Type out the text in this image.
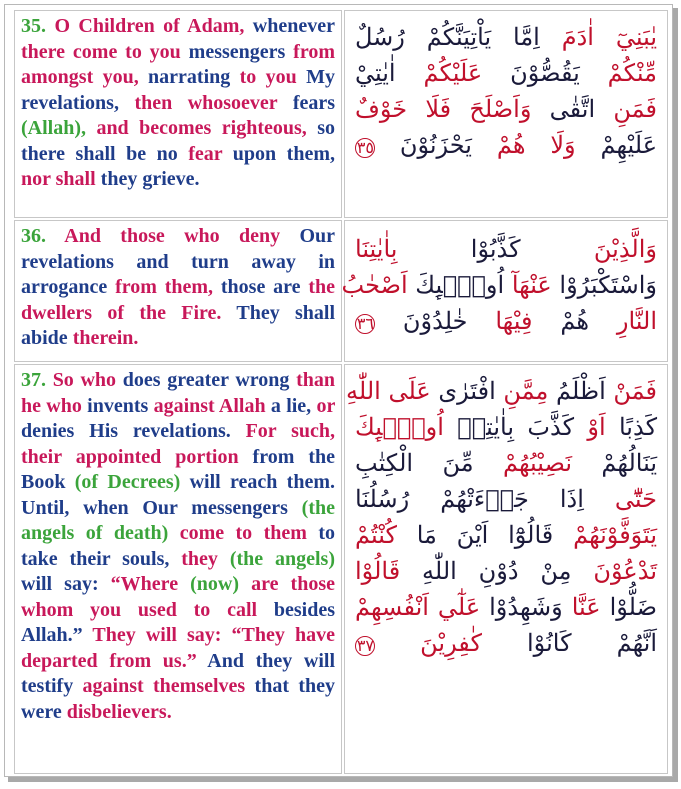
35. O Children of Adam, whenever there come to you messengers from amongst you, narrating to you My revelations, then whosoever fears (Allah), and becomes righteous, so there shall be no fear upon them, nor shall they grieve.
يٰبَنِيٓ اٰدَمَ اِمَّا يَاْتِيَنَّكُمْ رُسُلٌ
مِّنْكُمْ يَقُصُّوْنَ عَلَيْكُمْ اٰيٰتِيْ
فَمَنِ اتَّقٰى وَاَصْلَحَ فَلَا خَوْفٌ
عَلَيْهِمْ وَلَا هُمْ يَحْزَنُوْنَ ٣٥
36. And those who deny Our revelations and turn away in arrogance from them, those are the dwellers of the Fire. They shall abide therein.
وَالَّذِيْنَ كَذَّبُوْا بِاٰيٰتِنَا
وَاسْتَكْبَرُوْا عَنْهَآ اُولٰۗىِٕكَ اَصْحٰبُ
النَّارِ هُمْ فِيْهَا خٰلِدُوْنَ ٣٦
37. So who does greater wrong than he who invents against Allah a lie, or denies His revelations. For such, their appointed portion from the Book (of Decrees) will reach them. Until, when Our messengers (the angels of death) come to them to take their souls, they (the angels) will say: “Where (now) are those whom you used to call besides Allah.” They will say: “They have departed from us.” And they will testify against themselves that they were disbelievers.
فَمَنْ اَظْلَمُ مِمَّنِ افْتَرٰى عَلَى اللّٰهِ
كَذِبًا اَوْ كَذَّبَ بِاٰيٰتِهٖ اُولٰۗىِٕكَ
يَنَالُهُمْ نَصِيْبُهُمْ مِّنَ الْكِتٰبِ
حَتّٰٓى اِذَا جَاۗءَتْهُمْ رُسُلُنَا
يَتَوَفَّوْنَهُمْ قَالُوْٓا اَيْنَ مَا كُنْتُمْ
تَدْعُوْنَ مِنْ دُوْنِ اللّٰهِ قَالُوْا
ضَلُّوْا عَنَّا وَشَهِدُوْا عَلٰٓي اَنْفُسِهِمْ
اَنَّهُمْ كَانُوْا كٰفِرِيْنَ ٣٧
